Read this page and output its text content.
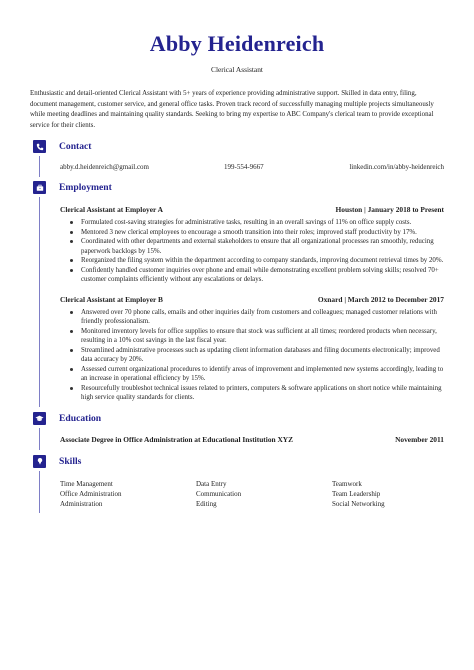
Abby Heidenreich
Clerical Assistant

Enthusiastic and detail-oriented Clerical Assistant with 5+ years of experience providing administrative support. Skilled in data entry, filing, document management, customer service, and general office tasks. Proven track record of successfully managing multiple projects simultaneously while meeting deadlines and maintaining quality standards. Seeking to bring my expertise to ABC Company's clerical team to provide exceptional service for their clients.

Contact
abby.d.heidenreich@gmail.com	199-554-9667	linkedin.com/in/abby-heidenreich
Employment
Clerical Assistant at Employer A	Houston | January 2018 to Present
Formulated cost-saving strategies for administrative tasks, resulting in an overall savings of 11% on office supply costs.
Mentored 3 new clerical employees to encourage a smooth transition into their roles; improved staff productivity by 17%.
Coordinated with other departments and external stakeholders to ensure that all organizational processes ran smoothly, reducing paperwork backlogs by 15%.
Reorganized the filing system within the department according to company standards, improving document retrieval times by 20%.
Confidently handled customer inquiries over phone and email while demonstrating excellent problem solving skills; resolved 70+ customer complaints efficiently without any escalations or delays.
Clerical Assistant at Employer B	Oxnard | March 2012 to December 2017
Answered over 70 phone calls, emails and other inquiries daily from customers and colleagues; managed customer relations with friendly professionalism.
Monitored inventory levels for office supplies to ensure that stock was sufficient at all times; reordered products when necessary, resulting in a 10% cost savings in the last fiscal year.
Streamlined administrative processes such as updating client information databases and filing documents electronically; improved data accuracy by 20%.
Assessed current organizational procedures to identify areas of improvement and implemented new systems accordingly, leading to an increase in operational efficiency by 15%.
Resourcefully troubleshot technical issues related to printers, computers & software applications on short notice while maintaining high service quality standards for clients.
Education
Associate Degree in Office Administration at Educational Institution XYZ	November 2011
Skills
Time Management	Data Entry	Teamwork
Office Administration	Communication	Team Leadership
Administration	Editing	Social Networking
